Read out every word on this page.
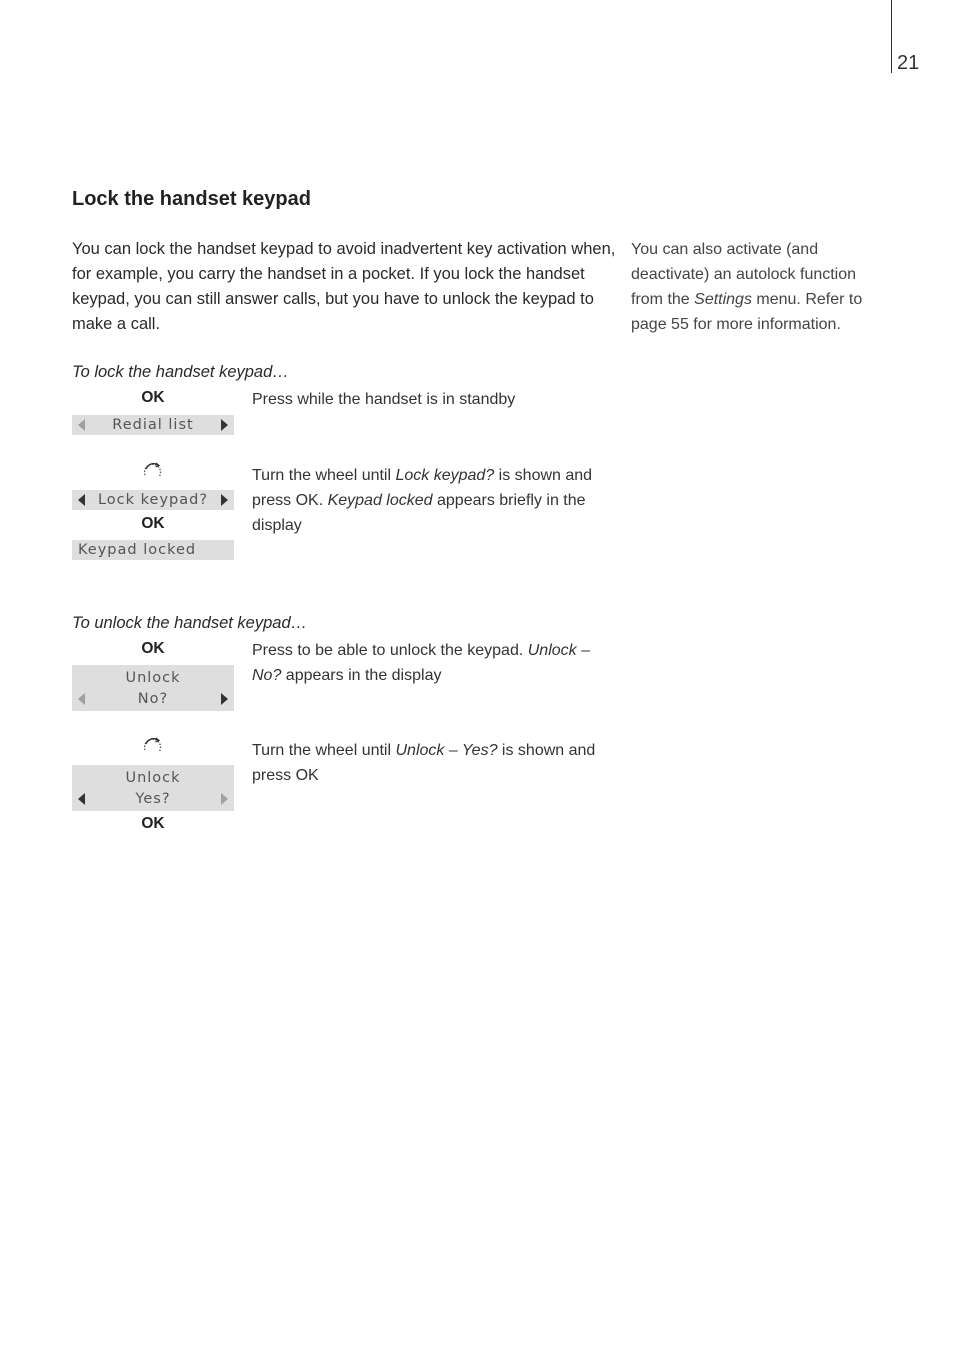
21
Lock the handset keypad
You can lock the handset keypad to avoid inadvertent key activation when, for example, you carry the handset in a pocket. If you lock the handset keypad, you can still answer calls, but you have to unlock the keypad to make a call.
You can also activate (and deactivate) an autolock function from the Settings menu. Refer to page 55 for more information.
To lock the handset keypad…
OK
Redial list
Press while the handset is in standby
Lock keypad?
OK
Keypad locked
Turn the wheel until Lock keypad? is shown and press OK. Keypad locked appears briefly in the display
To unlock the handset keypad…
OK
Unlock
No?
Press to be able to unlock the keypad. Unlock – No? appears in the display
Unlock
Yes?
OK
Turn the wheel until Unlock – Yes? is shown and press OK
